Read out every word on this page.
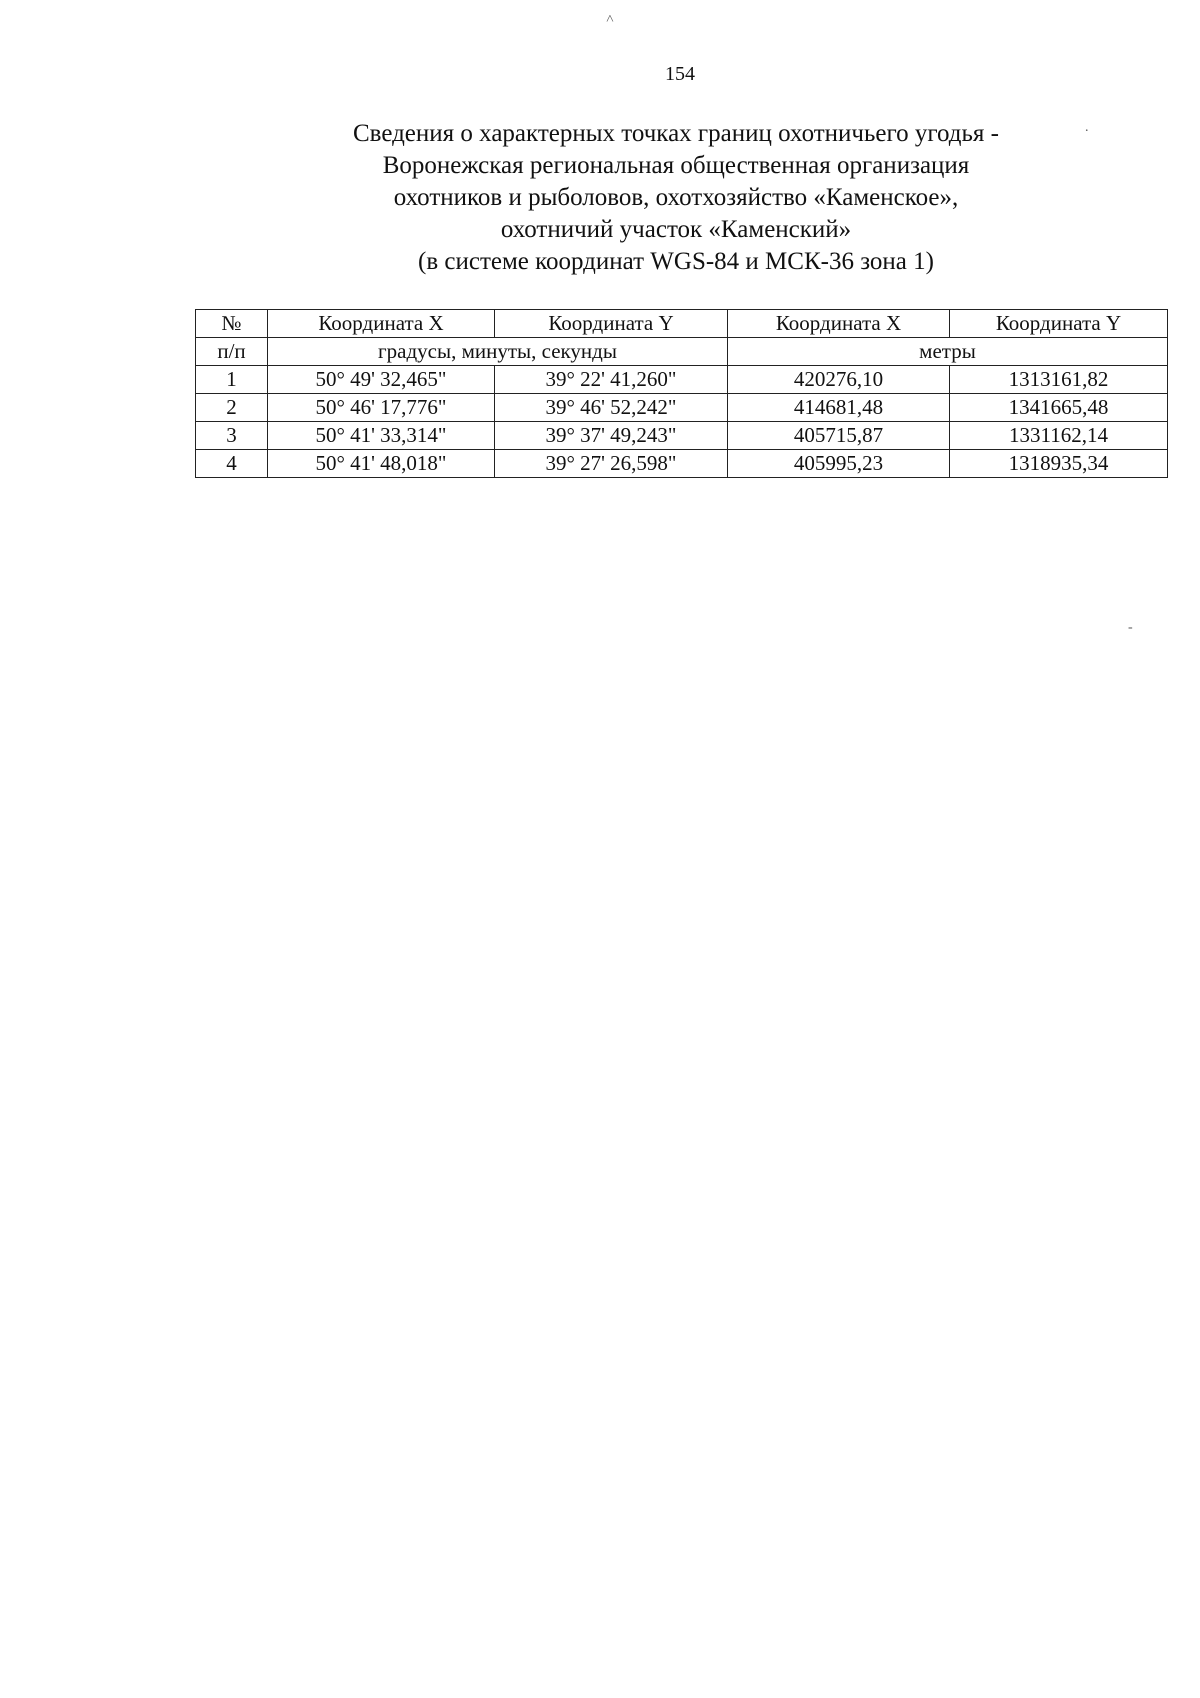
154
Сведения о характерных точках границ охотничьего угодья -
Воронежская региональная общественная организация
охотников и рыболовов, охотхозяйство «Каменское»,
охотничий участок «Каменский»
(в системе координат WGS-84 и МСК-36 зона 1)
№	Координата X	Координата Y	Координата X	Координата Y
п/п	градусы, минуты, секунды		метры	
1	50° 49' 32,465"	39° 22' 41,260"	420276,10	1313161,82
2	50° 46' 17,776"	39° 46' 52,242"	414681,48	1341665,48
3	50° 41' 33,314"	39° 37' 49,243"	405715,87	1331162,14
4	50° 41' 48,018"	39° 27' 26,598"	405995,23	1318935,34
˄
.
-
